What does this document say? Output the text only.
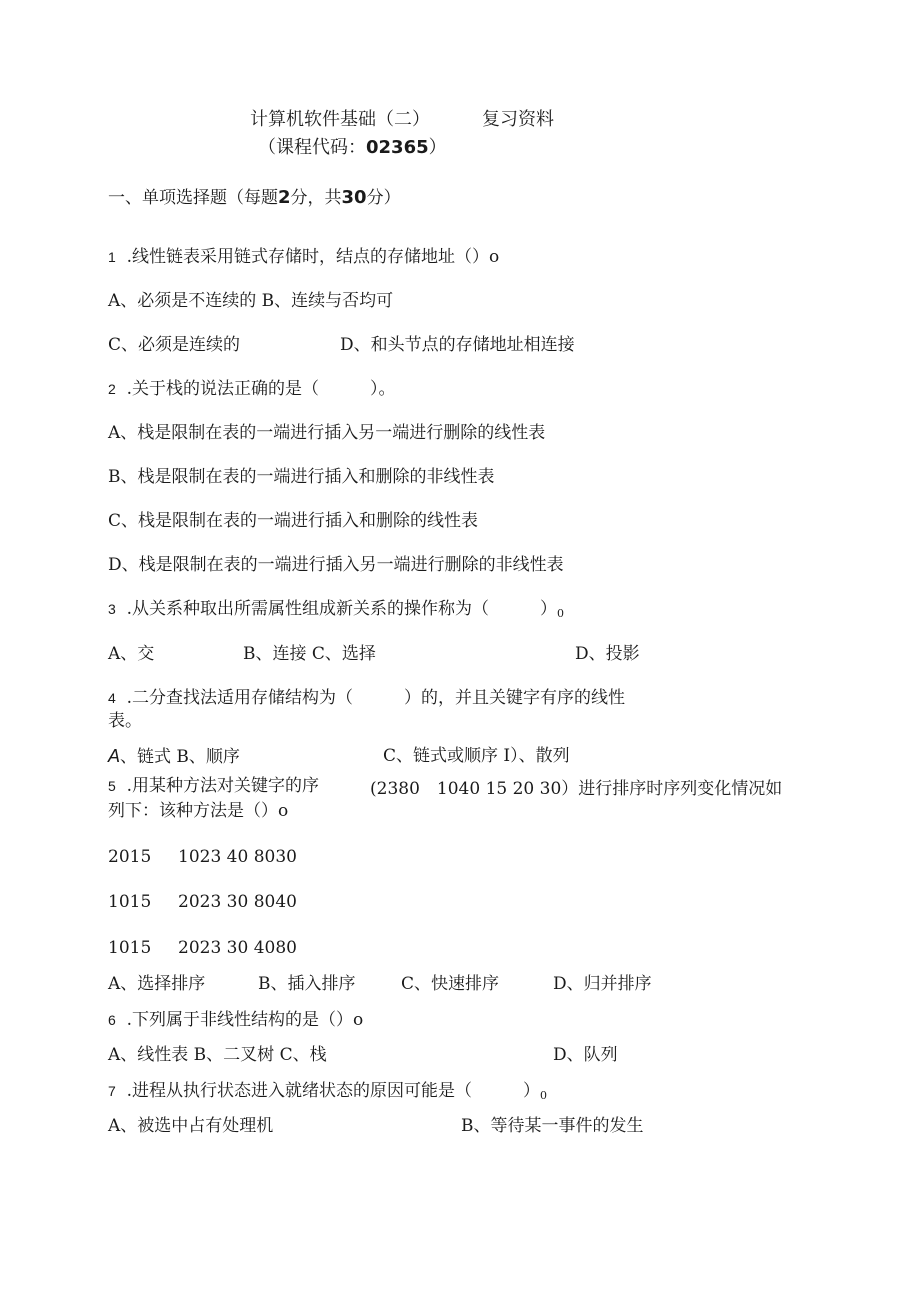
计算机软件基础（二）	复习资料
（课程代码：02365）
一、单项选择题（每题2分，共30分）
1 .线性链表采用链式存储时，结点的存储地址（）o
A、必须是不连续的 B、连续与否均可
C、必须是连续的	D、和头节点的存储地址相连接
2 .关于栈的说法正确的是（　　　）。
A、栈是限制在表的一端进行插入另一端进行删除的线性表
B、栈是限制在表的一端进行插入和删除的非线性表
C、栈是限制在表的一端进行插入和删除的线性表
D、栈是限制在表的一端进行插入另一端进行删除的非线性表
3 .从关系种取出所需属性组成新关系的操作称为（　　　）0
A、交	B、连接 C、选择	D、投影
4 .二分查找法适用存储结构为（　　　）的，并且关键字有序的线性
表。
A、链式 B、顺序	C、链式或顺序 I）、散列
5 .用某种方法对关键字的序	(2380　1040 15 20 30）进行排序时序列变化情况如
列下：该种方法是（）o
2015 1023 40 8030
1015 2023 30 8040
1015 2023 30 4080
A、选择排序	B、插入排序	C、快速排序	D、归并排序
6 .下列属于非线性结构的是（）o
A、线性表 B、二叉树 C、栈	D、队列
7 .进程从执行状态进入就绪状态的原因可能是（　　　）0
A、被选中占有处理机	B、等待某一事件的发生
